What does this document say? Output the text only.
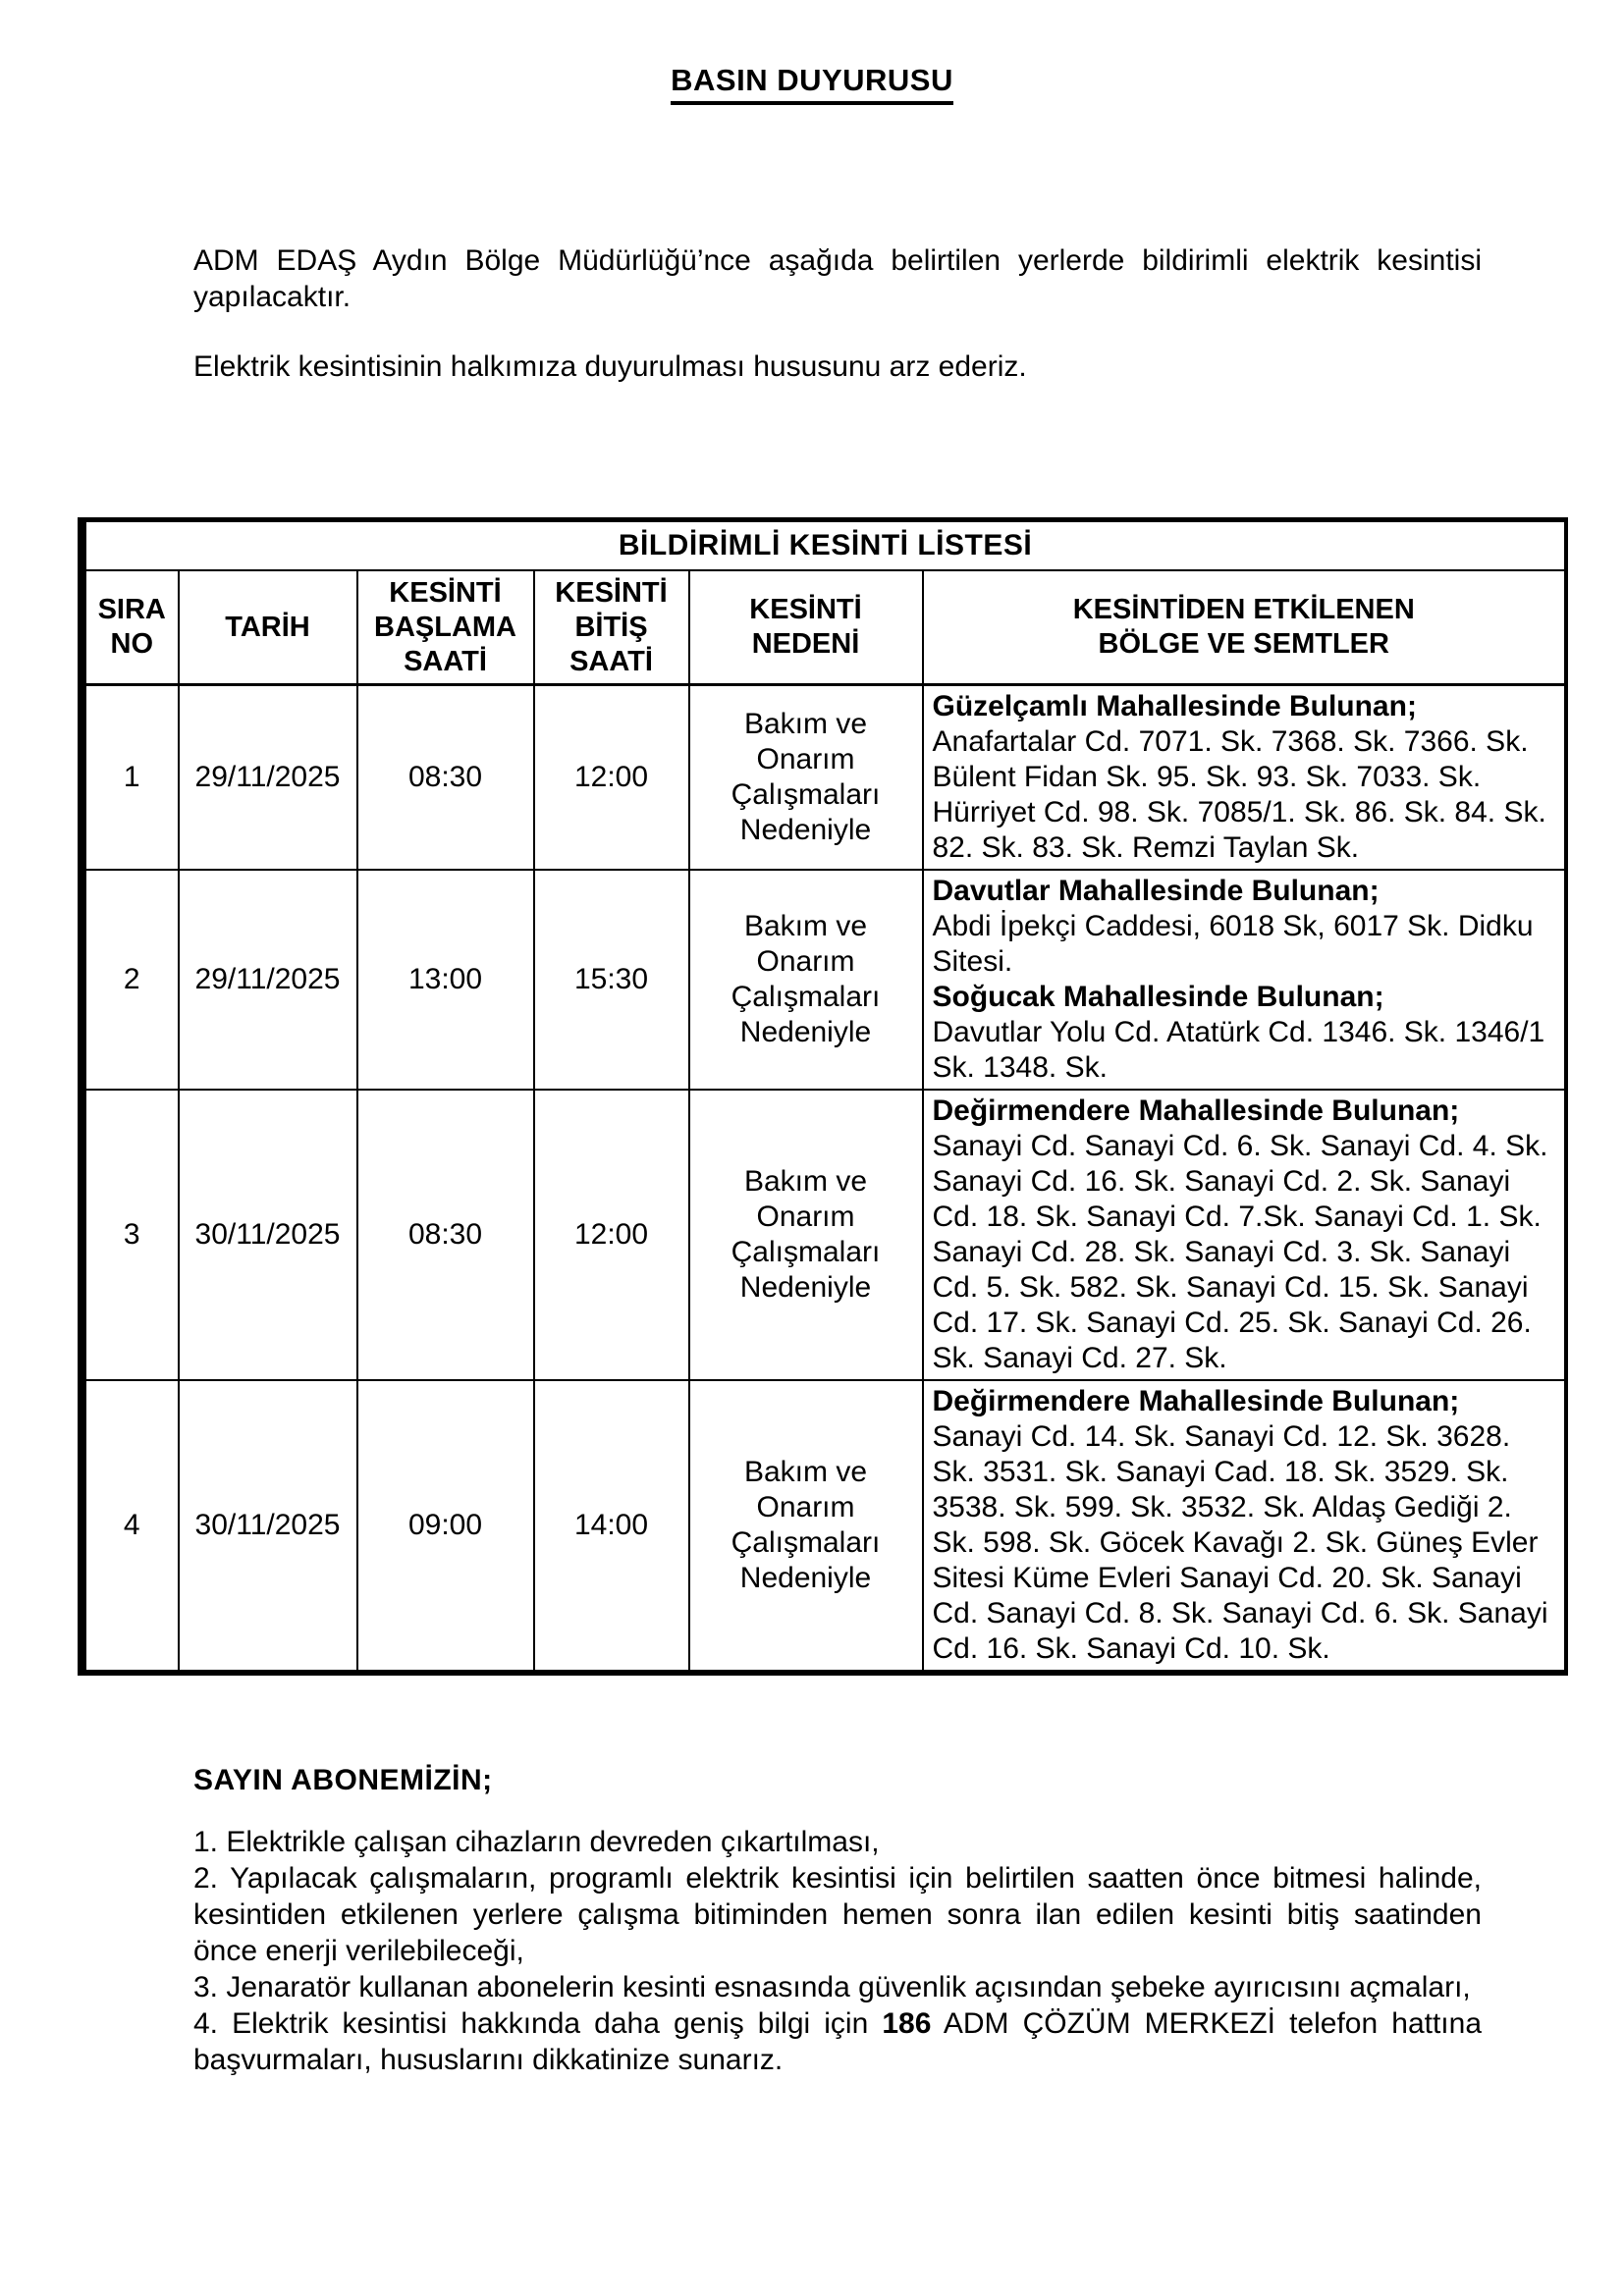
BASIN DUYURUSU
ADM EDAŞ Aydın Bölge Müdürlüğü’nce aşağıda belirtilen yerlerde bildirimli elektrik kesintisi yapılacaktır.
Elektrik kesintisinin halkımıza duyurulması hususunu arz ederiz.
BİLDİRİMLİ KESİNTİ LİSTESİ					

SIRA NO	TARİH	KESİNTİ BAŞLAMA SAATİ	KESİNTİ BİTİŞ SAATİ	KESİNTİ NEDENİ	KESİNTİDEN ETKİLENEN BÖLGE VE SEMTLER

1	29/11/2025	08:30	12:00	Bakım ve Onarım Çalışmaları Nedeniyle	Güzelçamlı Mahallesinde Bulunan;
Anafartalar Cd. 7071. Sk. 7368. Sk. 7366. Sk. Bülent Fidan Sk. 95. Sk. 93. Sk. 7033. Sk. Hürriyet Cd. 98. Sk. 7085/1. Sk. 86. Sk. 84. Sk. 82. Sk. 83. Sk. Remzi Taylan Sk.

2	29/11/2025	13:00	15:30	Bakım ve Onarım Çalışmaları Nedeniyle	Davutlar Mahallesinde Bulunan;
Abdi İpekçi Caddesi, 6018 Sk, 6017 Sk. Didku Sitesi.
Soğucak Mahallesinde Bulunan;
Davutlar Yolu Cd. Atatürk Cd. 1346. Sk. 1346/1 Sk. 1348. Sk.

3	30/11/2025	08:30	12:00	Bakım ve Onarım Çalışmaları Nedeniyle	Değirmendere Mahallesinde Bulunan;
Sanayi Cd. Sanayi Cd. 6. Sk. Sanayi Cd. 4. Sk. Sanayi Cd. 16. Sk. Sanayi Cd. 2. Sk. Sanayi Cd. 18. Sk. Sanayi Cd. 7.Sk. Sanayi Cd. 1. Sk. Sanayi Cd. 28. Sk. Sanayi Cd. 3. Sk. Sanayi Cd. 5. Sk. 582. Sk. Sanayi Cd. 15. Sk. Sanayi Cd. 17. Sk. Sanayi Cd. 25. Sk. Sanayi Cd. 26. Sk. Sanayi Cd. 27. Sk.

4	30/11/2025	09:00	14:00	Bakım ve Onarım Çalışmaları Nedeniyle	Değirmendere Mahallesinde Bulunan;
Sanayi Cd. 14. Sk. Sanayi Cd. 12. Sk. 3628. Sk. 3531. Sk. Sanayi Cad. 18. Sk. 3529. Sk. 3538. Sk. 599. Sk. 3532. Sk. Aldaş Gediği 2. Sk. 598. Sk. Göcek Kavağı 2. Sk. Güneş Evler Sitesi Küme Evleri Sanayi Cd. 20. Sk. Sanayi Cd. Sanayi Cd. 8. Sk. Sanayi Cd. 6. Sk. Sanayi Cd. 16. Sk. Sanayi Cd. 10. Sk.
SAYIN ABONEMİZİN;
1. Elektrikle çalışan cihazların devreden çıkartılması,
2. Yapılacak çalışmaların, programlı elektrik kesintisi için belirtilen saatten önce bitmesi halinde, kesintiden etkilenen yerlere çalışma bitiminden hemen sonra ilan edilen kesinti bitiş saatinden önce enerji verilebileceği,
3. Jenaratör kullanan abonelerin kesinti esnasında güvenlik açısından şebeke ayırıcısını açmaları,
4. Elektrik kesintisi hakkında daha geniş bilgi için 186 ADM ÇÖZÜM MERKEZİ telefon hattına başvurmaları, hususlarını dikkatinize sunarız.
